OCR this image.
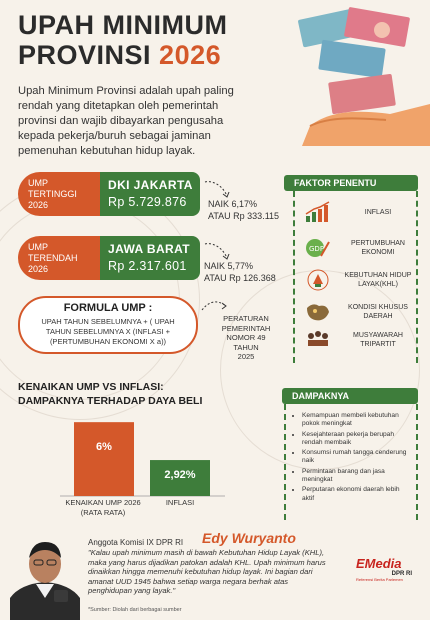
UPAH MINIMUM
PROVINSI 2026
Upah Minimum Provinsi adalah upah paling rendah yang ditetapkan oleh pemerintah provinsi dan wajib dibayarkan pengusaha kepada pekerja/buruh sebagai jaminan pemenuhan kebutuhan hidup layak.
UMP
TERTINGGI
2026
DKI JAKARTA
Rp 5.729.876	NAIK 6,17%
ATAU Rp 333.115
UMP
TERENDAH
2026
JAWA BARAT
Rp 2.317.601	NAIK 5,77%
ATAU Rp 126.368
FORMULA UMP :
UPAH TAHUN SEBELUMNYA + ( UPAH TAHUN SEBELUMNYA X (INFLASI + (PERTUMBUHAN EKONOMI X a))
PERATURAN
PEMERINTAH
NOMOR 49 TAHUN
2025
FAKTOR PENENTU
INFLASI
GDP
PERTUMBUHAN EKONOMI
KEBUTUHAN HIDUP LAYAK(KHL)
KONDISI KHUSUS DAERAH
MUSYAWARAH TRIPARTIT
KENAIKAN UMP VS INFLASI:
DAMPAKNYA TERHADAP DAYA BELI
6%
2,92%
DAMPAKNYA
• Kemampuan membeli kebutuhan pokok meningkat
• Kesejahteraan pekerja berupah rendah membaik
• Konsumsi rumah tangga cenderung naik
• Permintaan barang dan jasa meningkat
• Perputaran ekonomi daerah lebih aktif
Anggota Komisi IX DPR RI Edy Wuryanto
"Kalau upah minimum masih di bawah Kebutuhan Hidup Layak (KHL), maka yang harus dijadikan patokan adalah KHL. Upah minimum harus dinaikkan hingga memenuhi kebutuhan hidup layak. Ini bagian dari amanat UUD 1945 bahwa setiap warga negara berhak atas penghidupan yang layak."
*Sumber: Diolah dari berbagai sumber
EMedia
DPR RI
Referensi Berita Parlemen
KENAIKAN UMP 2026 (RATA RATA)
INFLASI
